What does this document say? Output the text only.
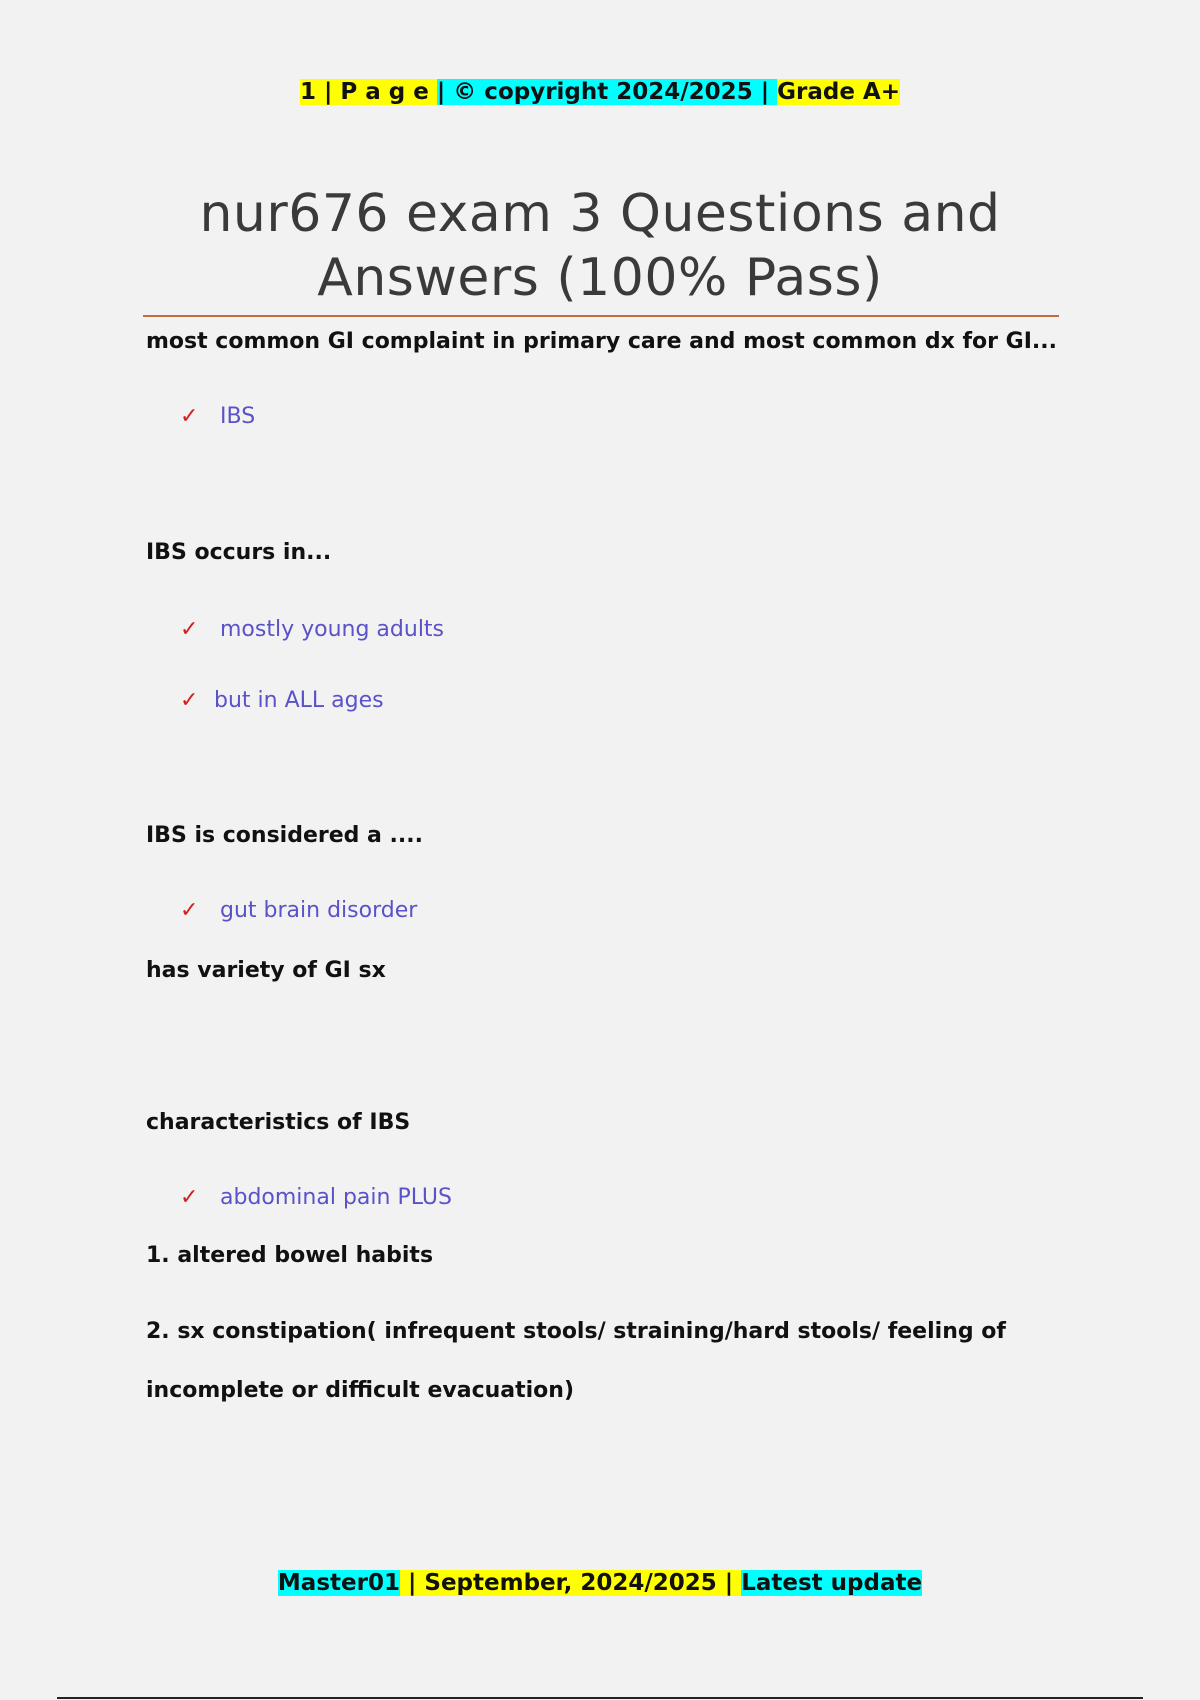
1 | P a g e | © copyright 2024/2025 | Grade A+
nur676 exam 3 Questions and
Answers (100% Pass)
most common GI complaint in primary care and most common dx for GI...
✓ IBS
IBS occurs in...
✓ mostly young adults
✓ but in ALL ages
IBS is considered a ....
✓ gut brain disorder
has variety of GI sx
characteristics of IBS
✓ abdominal pain PLUS
1. altered bowel habits
2. sx constipation( infrequent stools/ straining/hard stools/ feeling of
incomplete or difficult evacuation)
Master01 | September, 2024/2025 | Latest update
